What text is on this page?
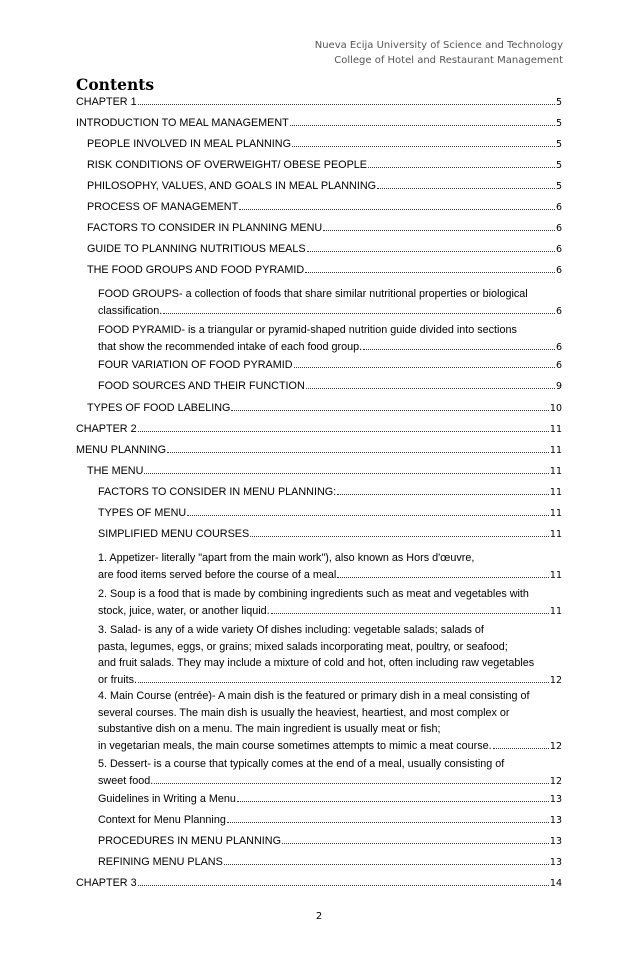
Nueva Ecija University of Science and Technology
College of Hotel and Restaurant Management
Contents
CHAPTER 1	5
INTRODUCTION TO MEAL MANAGEMENT	5
PEOPLE INVOLVED IN MEAL PLANNING	5
RISK CONDITIONS OF OVERWEIGHT/ OBESE PEOPLE	5
PHILOSOPHY, VALUES, AND GOALS IN MEAL PLANNING	5
PROCESS OF MANAGEMENT	6
FACTORS TO CONSIDER IN PLANNING MENU	6
GUIDE TO PLANNING NUTRITIOUS MEALS	6
THE FOOD GROUPS AND FOOD PYRAMID	6
FOOD GROUPS- a collection of foods that share similar nutritional properties or biological
classification.	6
FOOD PYRAMID- is a triangular or pyramid-shaped nutrition guide divided into sections
that show the recommended intake of each food group.	6
FOUR VARIATION OF FOOD PYRAMID	6
FOOD SOURCES AND THEIR FUNCTION	9
TYPES OF FOOD LABELING	10
CHAPTER 2	11
MENU PLANNING	11
THE MENU	11
FACTORS TO CONSIDER IN MENU PLANNING:	11
TYPES OF MENU	11
SIMPLIFIED MENU COURSES	11
1. Appetizer- literally "apart from the main work"), also known as Hors d'œuvre,
are food items served before the course of a meal	11
2. Soup is a food that is made by combining ingredients such as meat and vegetables with
stock, juice, water, or another liquid.	11
3. Salad- is any of a wide variety Of dishes including: vegetable salads; salads of
pasta, legumes, eggs, or grains; mixed salads incorporating meat, poultry, or seafood;
and fruit salads. They may include a mixture of cold and hot, often including raw vegetables
or fruits.	12
4. Main Course (entrée)- A main dish is the featured or primary dish in a meal consisting of
several courses. The main dish is usually the heaviest, heartiest, and most complex or
substantive dish on a menu. The main ingredient is usually meat or fish;
in vegetarian meals, the main course sometimes attempts to mimic a meat course.	12
5. Dessert- is a course that typically comes at the end of a meal, usually consisting of
sweet food.	12
Guidelines in Writing a Menu	13
Context for Menu Planning	13
PROCEDURES IN MENU PLANNING	13
REFINING MENU PLANS	13
CHAPTER 3	14
2
